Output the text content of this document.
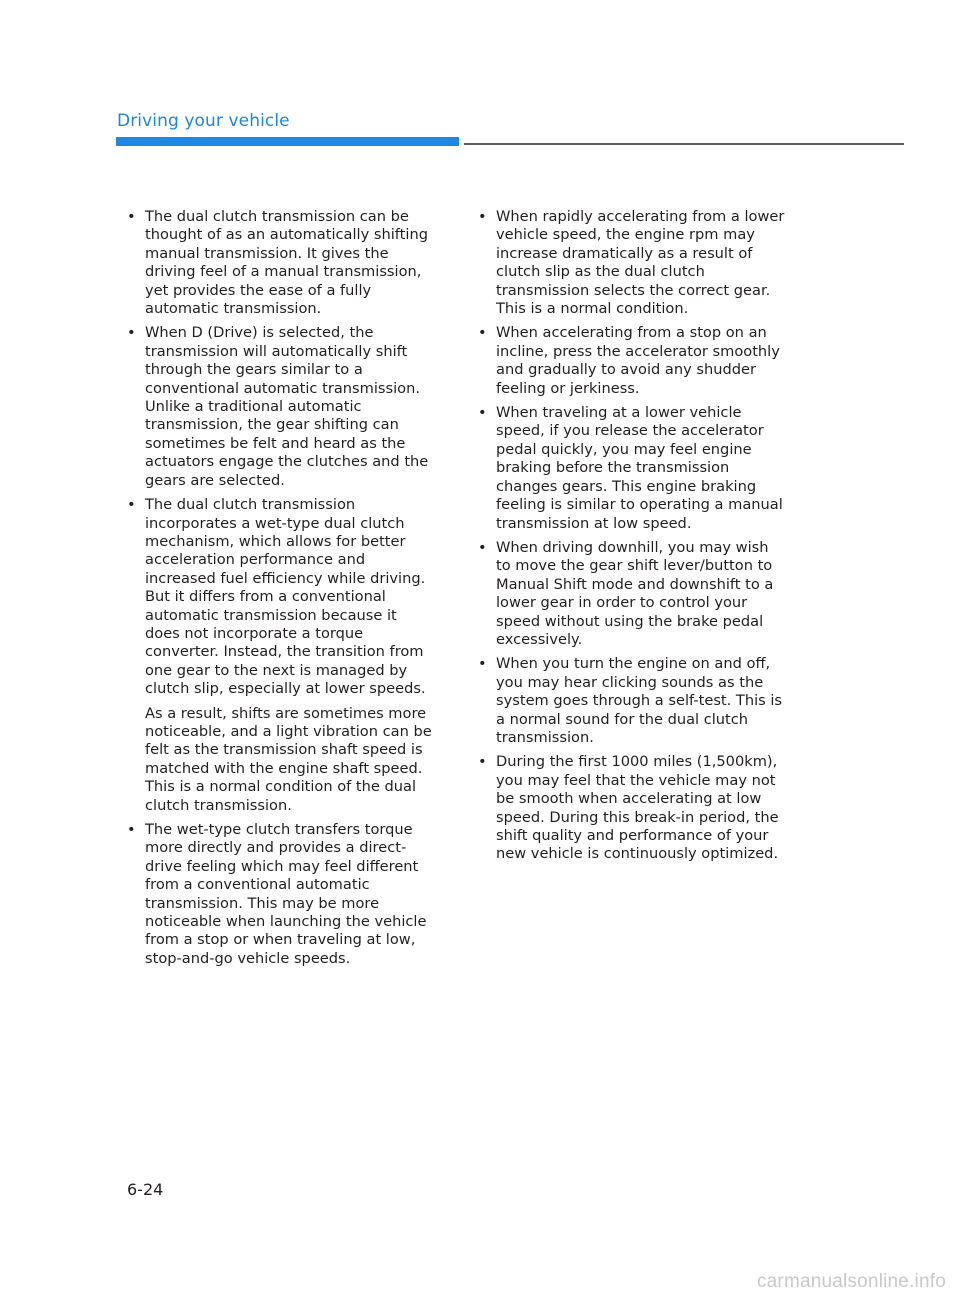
Driving your vehicle
• The dual clutch transmission can be thought of as an automatically shifting manual transmission. It gives the driving feel of a manual transmission, yet provides the ease of a fully automatic transmission.

• When D (Drive) is selected, the transmission will automatically shift through the gears similar to a conventional automatic transmission. Unlike a traditional automatic transmission, the gear shifting can sometimes be felt and heard as the actuators engage the clutches and the gears are selected.

• The dual clutch transmission incorporates a wet-type dual clutch mechanism, which allows for better acceleration performance and increased fuel efficiency while driving. But it differs from a conventional automatic transmission because it does not incorporate a torque converter. Instead, the transition from one gear to the next is managed by clutch slip, especially at lower speeds.

As a result, shifts are sometimes more noticeable, and a light vibration can be felt as the transmission shaft speed is matched with the engine shaft speed. This is a normal condition of the dual clutch transmission.

• The wet-type clutch transfers torque more directly and provides a direct-drive feeling which may feel different from a conventional automatic transmission. This may be more noticeable when launching the vehicle from a stop or when traveling at low, stop-and-go vehicle speeds.

• When rapidly accelerating from a lower vehicle speed, the engine rpm may increase dramatically as a result of clutch slip as the dual clutch transmission selects the correct gear. This is a normal condition.

• When accelerating from a stop on an incline, press the accelerator smoothly and gradually to avoid any shudder feeling or jerkiness.

• When traveling at a lower vehicle speed, if you release the accelerator pedal quickly, you may feel engine braking before the transmission changes gears. This engine braking feeling is similar to operating a manual transmission at low speed.

• When driving downhill, you may wish to move the gear shift lever/button to Manual Shift mode and downshift to a lower gear in order to control your speed without using the brake pedal excessively.

• When you turn the engine on and off, you may hear clicking sounds as the system goes through a self-test. This is a normal sound for the dual clutch transmission.

• During the first 1000 miles (1,500km), you may feel that the vehicle may not be smooth when accelerating at low speed. During this break-in period, the shift quality and performance of your new vehicle is continuously optimized.

6-24
carmanualsonline.info
